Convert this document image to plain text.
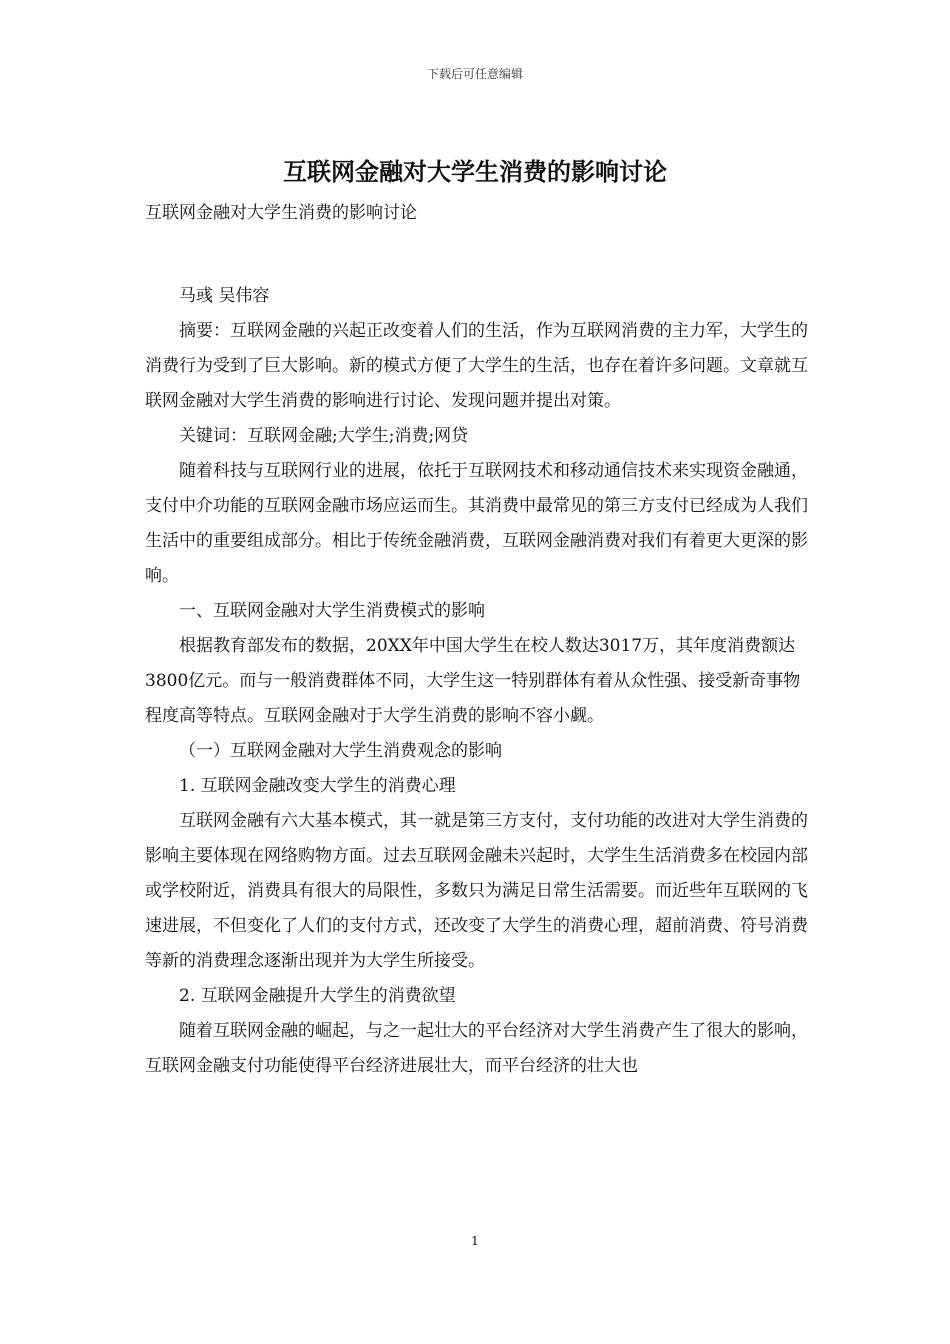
下载后可任意编辑
互联网金融对大学生消费的影响讨论

互联网金融对大学生消费的影响讨论

马彧 吴伟容

摘要：互联网金融的兴起正改变着人们的生活，作为互联网消费的主力军，大学生的消费行为受到了巨大影响。新的模式方便了大学生的生活，也存在着许多问题。文章就互联网金融对大学生消费的影响进行讨论、发现问题并提出对策。

关键词：互联网金融;大学生;消费;网贷

随着科技与互联网行业的进展，依托于互联网技术和移动通信技术来实现资金融通，支付中介功能的互联网金融市场应运而生。其消费中最常见的第三方支付已经成为人我们生活中的重要组成部分。相比于传统金融消费，互联网金融消费对我们有着更大更深的影响。

一、互联网金融对大学生消费模式的影响

根据教育部发布的数据，20XX年中国大学生在校人数达3017万，其年度消费额达3800亿元。而与一般消费群体不同，大学生这一特别群体有着从众性强、接受新奇事物程度高等特点。互联网金融对于大学生消费的影响不容小觑。

（一）互联网金融对大学生消费观念的影响

1. 互联网金融改变大学生的消费心理

互联网金融有六大基本模式，其一就是第三方支付，支付功能的改进对大学生消费的影响主要体现在网络购物方面。过去互联网金融未兴起时，大学生生活消费多在校园内部或学校附近，消费具有很大的局限性，多数只为满足日常生活需要。而近些年互联网的飞速进展，不但变化了人们的支付方式，还改变了大学生的消费心理，超前消费、符号消费等新的消费理念逐渐出现并为大学生所接受。

2. 互联网金融提升大学生的消费欲望

随着互联网金融的崛起，与之一起壮大的平台经济对大学生消费产生了很大的影响，互联网金融支付功能使得平台经济进展壮大，而平台经济的壮大也

1
